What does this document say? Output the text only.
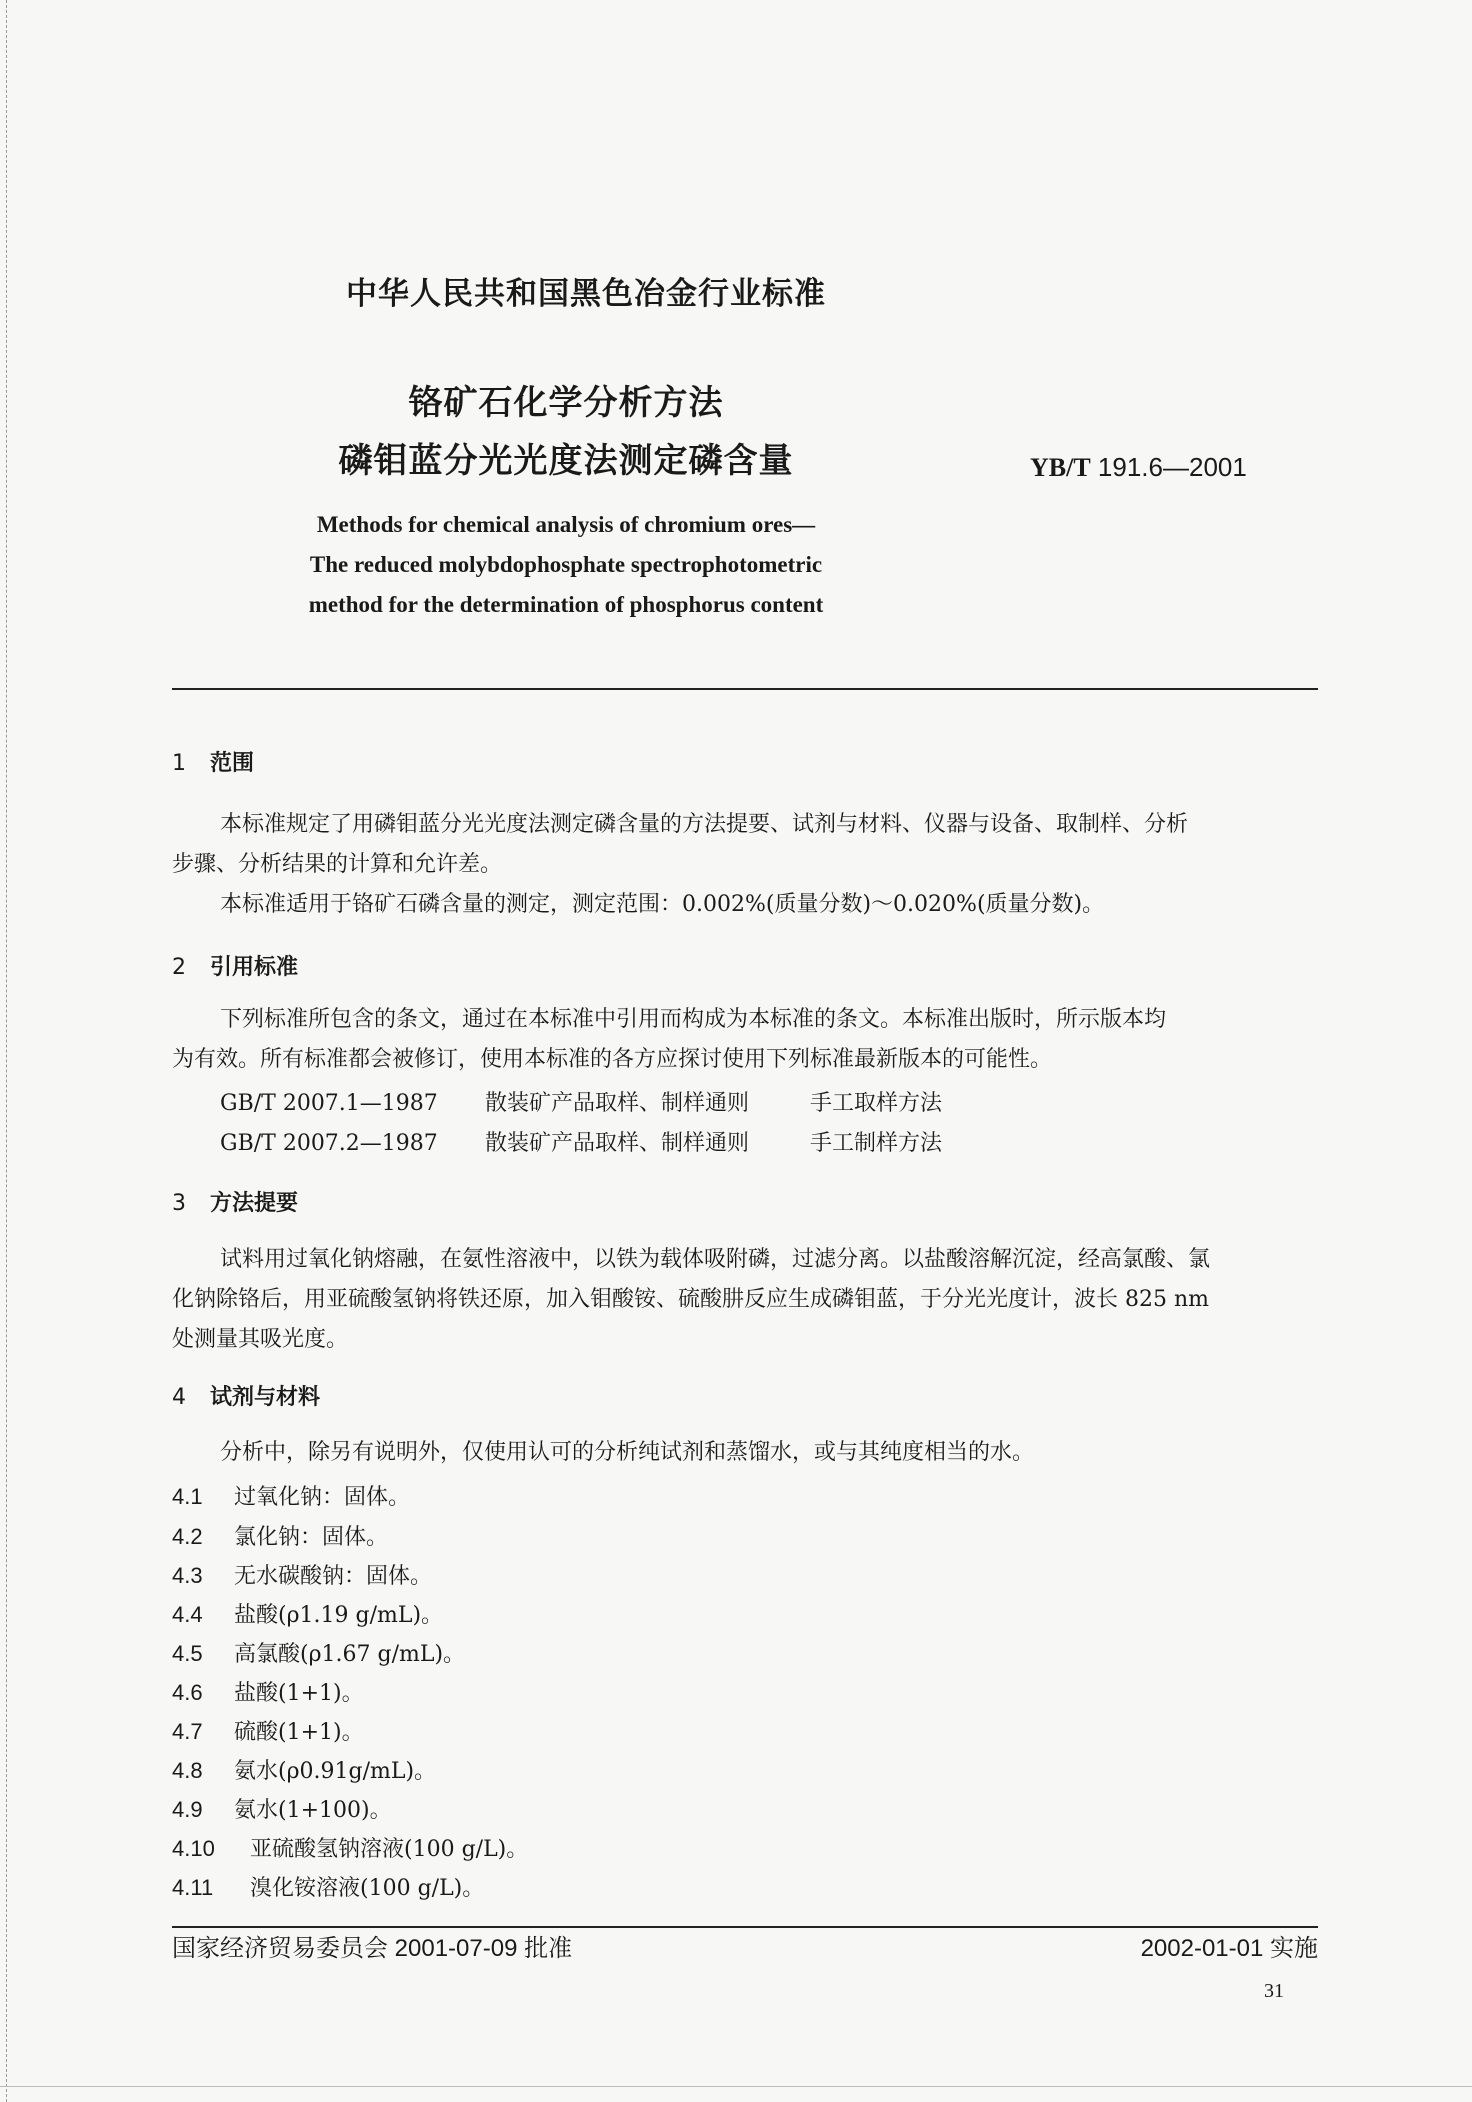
中华人民共和国黑色冶金行业标准
铬矿石化学分析方法
磷钼蓝分光光度法测定磷含量	YB/T 191.6—2001
Methods for chemical analysis of chromium ores—
The reduced molybdophosphate spectrophotometric
method for the determination of phosphorus content
1 范围
本标准规定了用磷钼蓝分光光度法测定磷含量的方法提要、试剂与材料、仪器与设备、取制样、分析
步骤、分析结果的计算和允许差。
本标准适用于铬矿石磷含量的测定，测定范围：0.002%(质量分数)～0.020%(质量分数)。
2 引用标准
下列标准所包含的条文，通过在本标准中引用而构成为本标准的条文。本标准出版时，所示版本均
为有效。所有标准都会被修订，使用本标准的各方应探讨使用下列标准最新版本的可能性。
GB/T 2007.1—1987 散装矿产品取样、制样通则	手工取样方法
GB/T 2007.2—1987 散装矿产品取样、制样通则	手工制样方法
3 方法提要
试料用过氧化钠熔融，在氨性溶液中，以铁为载体吸附磷，过滤分离。以盐酸溶解沉淀，经高氯酸、氯
化钠除铬后，用亚硫酸氢钠将铁还原，加入钼酸铵、硫酸肼反应生成磷钼蓝，于分光光度计，波长 825 nm
处测量其吸光度。
4 试剂与材料
分析中，除另有说明外，仅使用认可的分析纯试剂和蒸馏水，或与其纯度相当的水。
4.1 过氧化钠：固体。
4.2 氯化钠：固体。
4.3 无水碳酸钠：固体。
4.4 盐酸(ρ1.19 g/mL)。
4.5 高氯酸(ρ1.67 g/mL)。
4.6 盐酸(1+1)。
4.7 硫酸(1+1)。
4.8 氨水(ρ0.91g/mL)。
4.9 氨水(1+100)。
4.10 亚硫酸氢钠溶液(100 g/L)。
4.11 溴化铵溶液(100 g/L)。
国家经济贸易委员会 2001-07-09 批准	2002-01-01 实施
31
